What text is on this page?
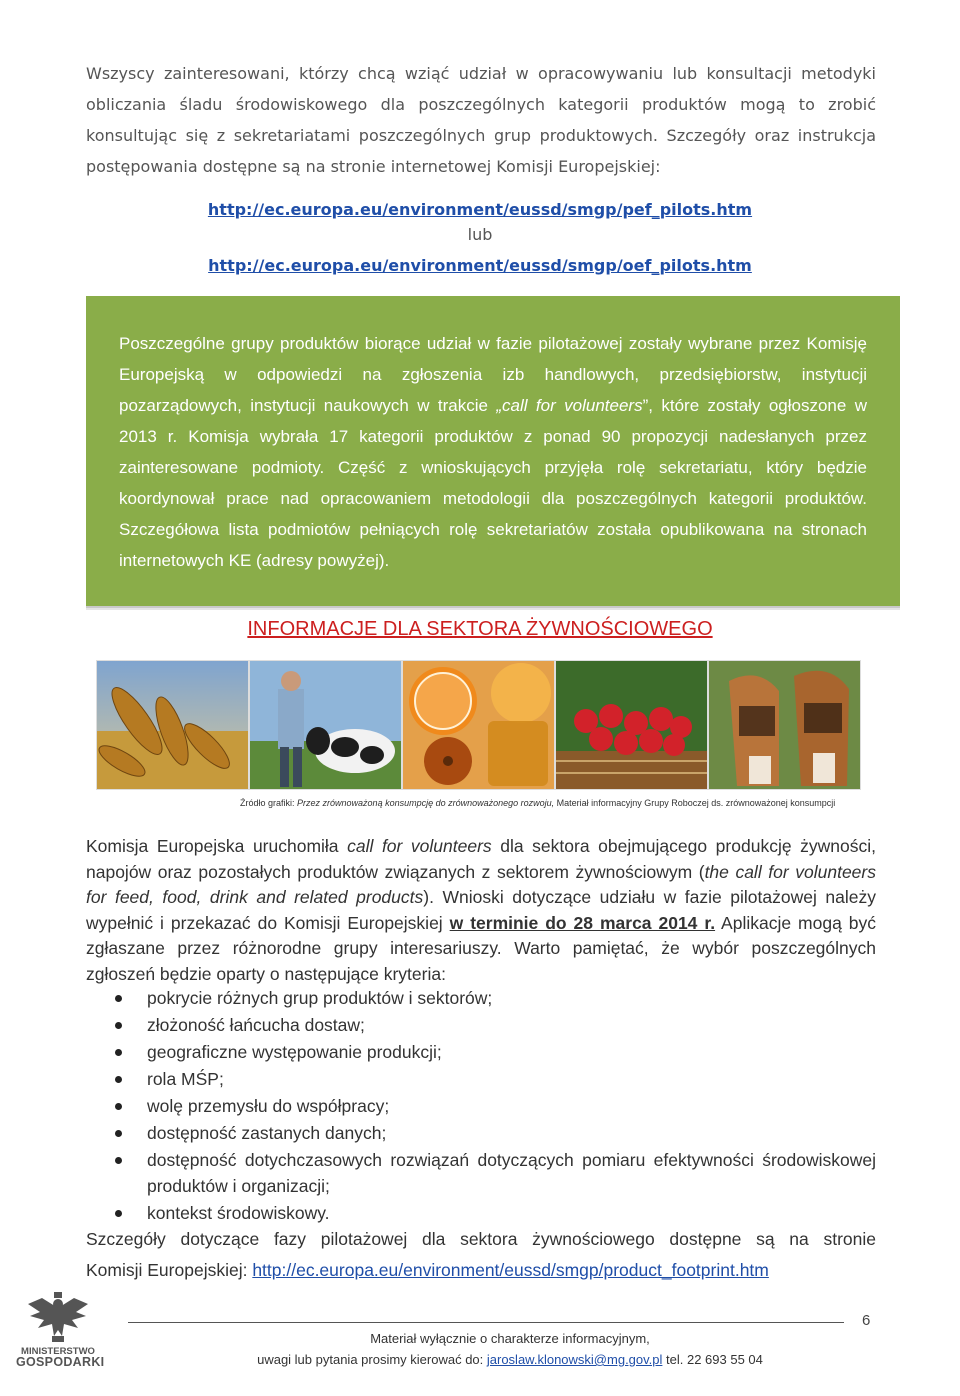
Wszyscy zainteresowani, którzy chcą wziąć udział w opracowywaniu lub konsultacji metodyki obliczania śladu środowiskowego dla poszczególnych kategorii produktów mogą to zrobić konsultując się z sekretariatami poszczególnych grup produktowych. Szczegóły oraz instrukcja postępowania dostępne są na stronie internetowej Komisji Europejskiej:

http://ec.europa.eu/environment/eussd/smgp/pef_pilots.htm
lub
http://ec.europa.eu/environment/eussd/smgp/oef_pilots.htm

Poszczególne grupy produktów biorące udział w fazie pilotażowej zostały wybrane przez Komisję Europejską w odpowiedzi na zgłoszenia izb handlowych, przedsiębiorstw, instytucji pozarządowych, instytucji naukowych w trakcie „call for volunteers”, które zostały ogłoszone w 2013 r. Komisja wybrała 17 kategorii produktów z ponad 90 propozycji nadesłanych przez zainteresowane podmioty. Część z wnioskujących przyjęła rolę sekretariatu, który będzie koordynował prace nad opracowaniem metodologii dla poszczególnych kategorii produktów. Szczegółowa lista podmiotów pełniących rolę sekretariatów została opublikowana na stronach internetowych KE (adresy powyżej).

INFORMACJE DLA SEKTORA ŻYWNOŚCIOWEGO
Źródło grafiki: Przez zrównoważoną konsumpcję do zrównoważonego rozwoju, Materiał informacyjny Grupy Roboczej ds. zrównoważonej konsumpcji

Komisja Europejska uruchomiła call for volunteers dla sektora obejmującego produkcję żywności, napojów oraz pozostałych produktów związanych z sektorem żywnościowym (the call for volunteers for feed, food, drink and related products). Wnioski dotyczące udziału w fazie pilotażowej należy wypełnić i przekazać do Komisji Europejskiej w terminie do 28 marca 2014 r. Aplikacje mogą być zgłaszane przez różnorodne grupy interesariuszy. Warto pamiętać, że wybór poszczególnych zgłoszeń będzie oparty o następujące kryteria:

pokrycie różnych grup produktów i sektorów;
złożoność łańcucha dostaw;
geograficzne występowanie produkcji;
rola MŚP;
wolę przemysłu do współpracy;
dostępność zastanych danych;
dostępność dotychczasowych rozwiązań dotyczących pomiaru efektywności środowiskowej produktów i organizacji;
kontekst środowiskowy.

Szczegóły dotyczące fazy pilotażowej dla sektora żywnościowego dostępne są na stronie

Komisji Europejskiej: http://ec.europa.eu/environment/eussd/smgp/product_footprint.htm

MINISTERSTWO
GOSPODARKI
6
Materiał wyłącznie o charakterze informacyjnym,
uwagi lub pytania prosimy kierować do: jaroslaw.klonowski@mg.gov.pl tel. 22 693 55 04
